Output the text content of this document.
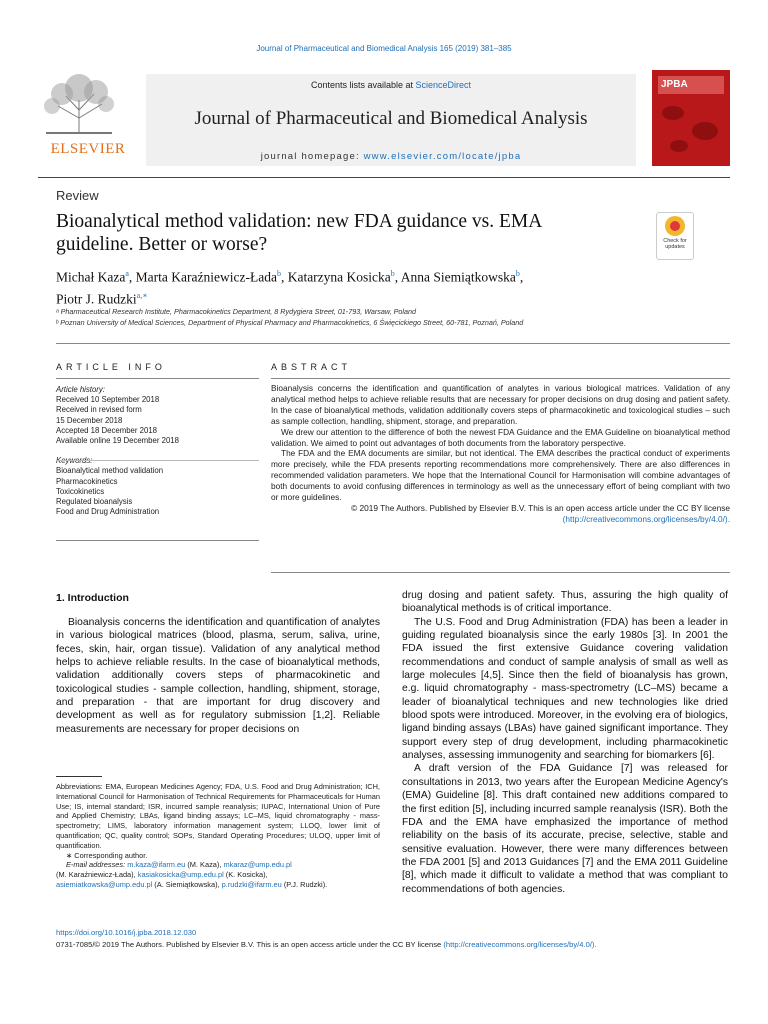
Journal of Pharmaceutical and Biomedical Analysis 165 (2019) 381–385
ELSEVIER
Contents lists available at ScienceDirect
Journal of Pharmaceutical and Biomedical Analysis
journal homepage: www.elsevier.com/locate/jpba
JPBA
Review
Bioanalytical method validation: new FDA guidance vs. EMA guideline. Better or worse?	Check for updates
Michał Kaza$^a$, Marta Karaźniewicz-Łada$^b$, Katarzyna Kosicka$^b$, Anna Siemiątkowska$^b$,
Piotr J. Rudzki$^{a,∗}$
ᵃ Pharmaceutical Research Institute, Pharmacokinetics Department, 8 Rydygiera Street, 01-793, Warsaw, Poland
ᵇ Poznan University of Medical Sciences, Department of Physical Pharmacy and Pharmacokinetics, 6 Święcickiego Street, 60-781, Poznań, Poland
ARTICLE INFO	ABSTRACT
Article history:
Received 10 September 2018
Received in revised form
15 December 2018
Accepted 18 December 2018
Available online 19 December 2018
Bioanalytical method validation
Pharmacokinetics
Toxicokinetics
Regulated bioanalysis
Food and Drug Administration

Bioanalysis concerns the identification and quantification of analytes in various biological matrices. Validation of any analytical method helps to achieve reliable results that are necessary for proper decisions on drug dosing and patient safety. In the case of bioanalytical methods, validation additionally covers steps of pharmacokinetic and toxicological studies – such as sample collection, handling, shipment, storage, and preparation.

We drew our attention to the difference of both the newest FDA Guidance and the EMA Guideline on bioanalytical method validation. We aimed to point out advantages of both documents from the laboratory perspective.

The FDA and the EMA documents are similar, but not identical. The EMA describes the practical conduct of experiments more precisely, while the FDA presents reporting recommendations more comprehensively. There are also differences in recommended validation parameters. We hope that the International Council for Harmonisation will combine advantages of both documents to avoid confusing differences in terminology as well as the unnecessary effort of being compliant with two or more guidelines.

© 2019 The Authors. Published by Elsevier B.V. This is an open access article under the CC BY license

(http://creativecommons.org/licenses/by/4.0/).

1. Introduction

Bioanalysis concerns the identification and quantification of analytes in various biological matrices (blood, plasma, serum, saliva, urine, feces, skin, hair, organ tissue). Validation of any analytical method helps to achieve reliable results. In the case of bioanalytical methods, validation additionally covers steps of pharmacokinetic and toxicological studies - sample collection, handling, shipment, storage, and preparation - that are important for drug discovery and development as well as for regulatory submission [1,2]. Reliable measurements are necessary for proper decisions on

drug dosing and patient safety. Thus, assuring the high quality of bioanalytical methods is of critical importance.

The U.S. Food and Drug Administration (FDA) has been a leader in guiding regulated bioanalysis since the early 1980s [3]. In 2001 the FDA issued the first extensive Guidance covering validation recommendations and conduct of sample analysis of small as well as large molecules [4,5]. Since then the field of bioanalysis has grown, e.g. liquid chromatography - mass-spectrometry (LC–MS) became a leader of bioanalytical techniques and new technologies like dried blood spots were introduced. Moreover, in the evolving era of biologics, ligand binding assays (LBAs) have gained significant importance. They support every step of drug development, including pharmacokinetic analyses, assessing immunogenity and searching for biomarkers [6].

A draft version of the FDA Guidance [7] was released for consultations in 2013, two years after the European Medicine Agency's (EMA) Guideline [8]. This draft contained new additions compared to the first edition [5], including incurred sample reanalysis (ISR). Both the FDA and the EMA have emphasized the importance of method reliability on the basis of its accurate, precise, selective, stable and sensitive evaluation. However, there were many differences between the FDA 2001 [5] and 2013 Guidances [7] and the EMA 2011 Guideline [8], which made it difficult to validate a method that was compliant to recommendations of both agencies.

Abbreviations: EMA, European Medicines Agency; FDA, U.S. Food and Drug Administration; ICH, International Council for Harmonisation of Technical Requirements for Pharmaceuticals for Human Use; IS, internal standard; ISR, incurred sample reanalysis; IUPAC, International Union of Pure and Applied Chemistry; LBAs, ligand binding assays; LC–MS, liquid chromatography - mass-spectrometry; LIMS, laboratory information management system; LLOQ, lower limit of quantification; QC, quality control; SOPs, Standard Operating Procedures; ULOQ, upper limit of quantification.

∗ Corresponding author.

E-mail addresses: m.kaza@ifarm.eu (M. Kaza), mkaraz@ump.edu.pl
(M. Karaźniewicz-Łada), kasiakosicka@ump.edu.pl (K. Kosicka),
asiemiatkowska@ump.edu.pl (A. Siemiątkowska), p.rudzki@ifarm.eu (P.J. Rudzki).

https://doi.org/10.1016/j.jpba.2018.12.030
0731-7085/© 2019 The Authors. Published by Elsevier B.V. This is an open access article under the CC BY license (http://creativecommons.org/licenses/by/4.0/).
